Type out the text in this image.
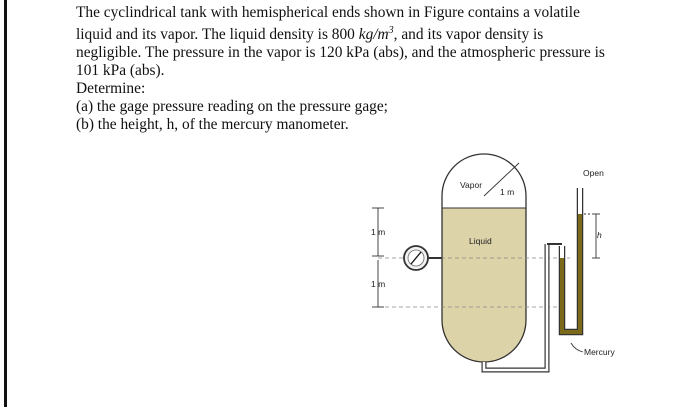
The cyclindrical tank with hemispherical ends shown in Figure contains a volatile

liquid and its vapor. The liquid density is 800 $kg/m^3$, and its vapor density is

negligible. The pressure in the vapor is 120 kPa (abs), and the atmospheric pressure is

101 kPa (abs).

Determine:

(a) the gage pressure reading on the pressure gage;

(b) the height, h, of the mercury manometer.

Vapor
1 m
Liquid
Open
h
1 m
1 m
Mercury
